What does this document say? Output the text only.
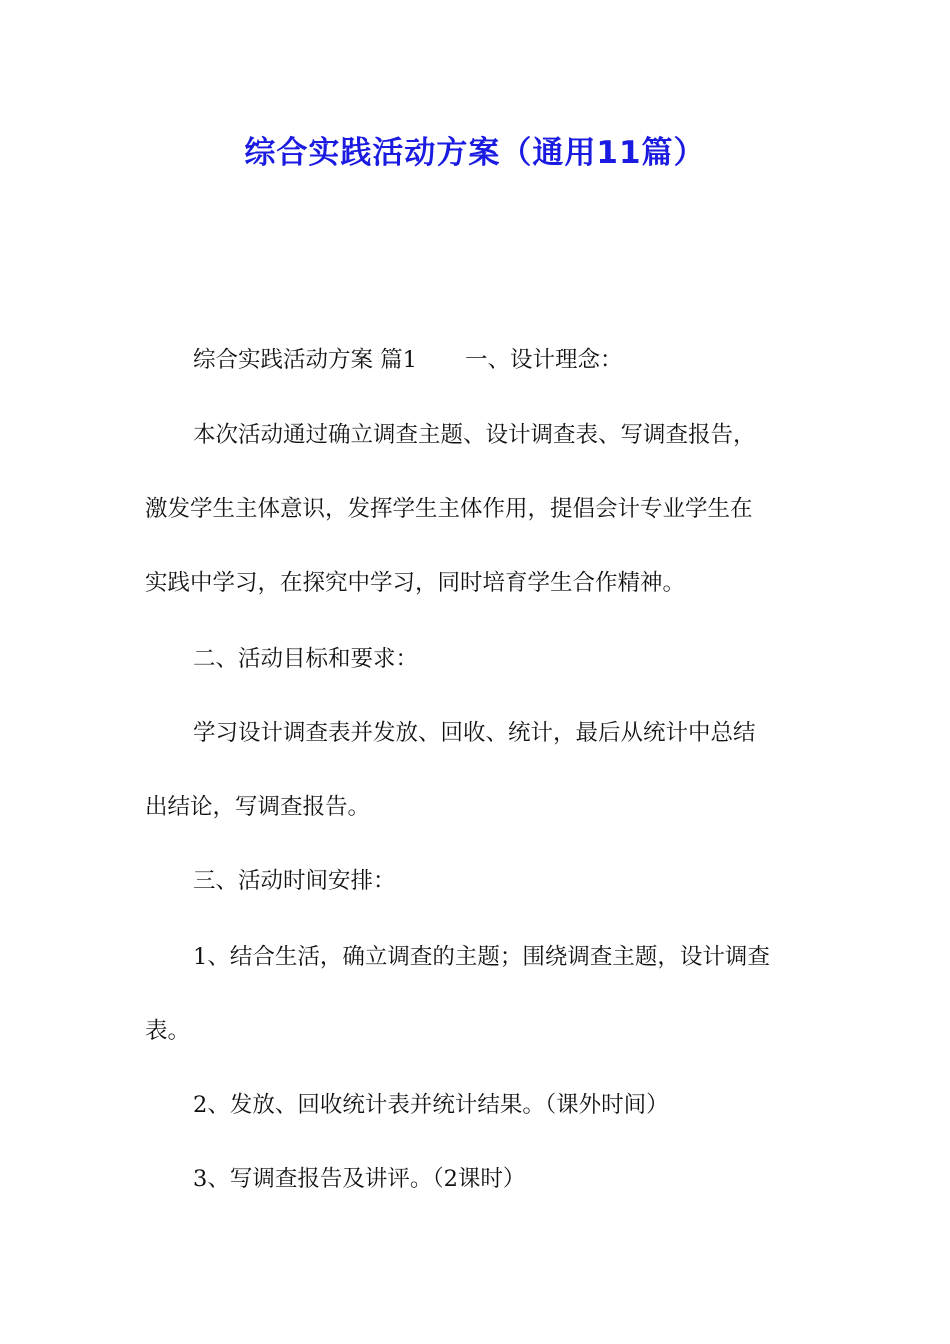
综合实践活动方案（通用11篇）
综合实践活动方案 篇1 一、设计理念：
本次活动通过确立调查主题、设计调查表、写调查报告，
激发学生主体意识，发挥学生主体作用，提倡会计专业学生在
实践中学习，在探究中学习，同时培育学生合作精神。
二、活动目标和要求：
学习设计调查表并发放、回收、统计，最后从统计中总结
出结论，写调查报告。
三、活动时间安排：
1、结合生活，确立调查的主题；围绕调查主题，设计调查
表。
2、发放、回收统计表并统计结果。（课外时间）
3、写调查报告及讲评。（2课时）
